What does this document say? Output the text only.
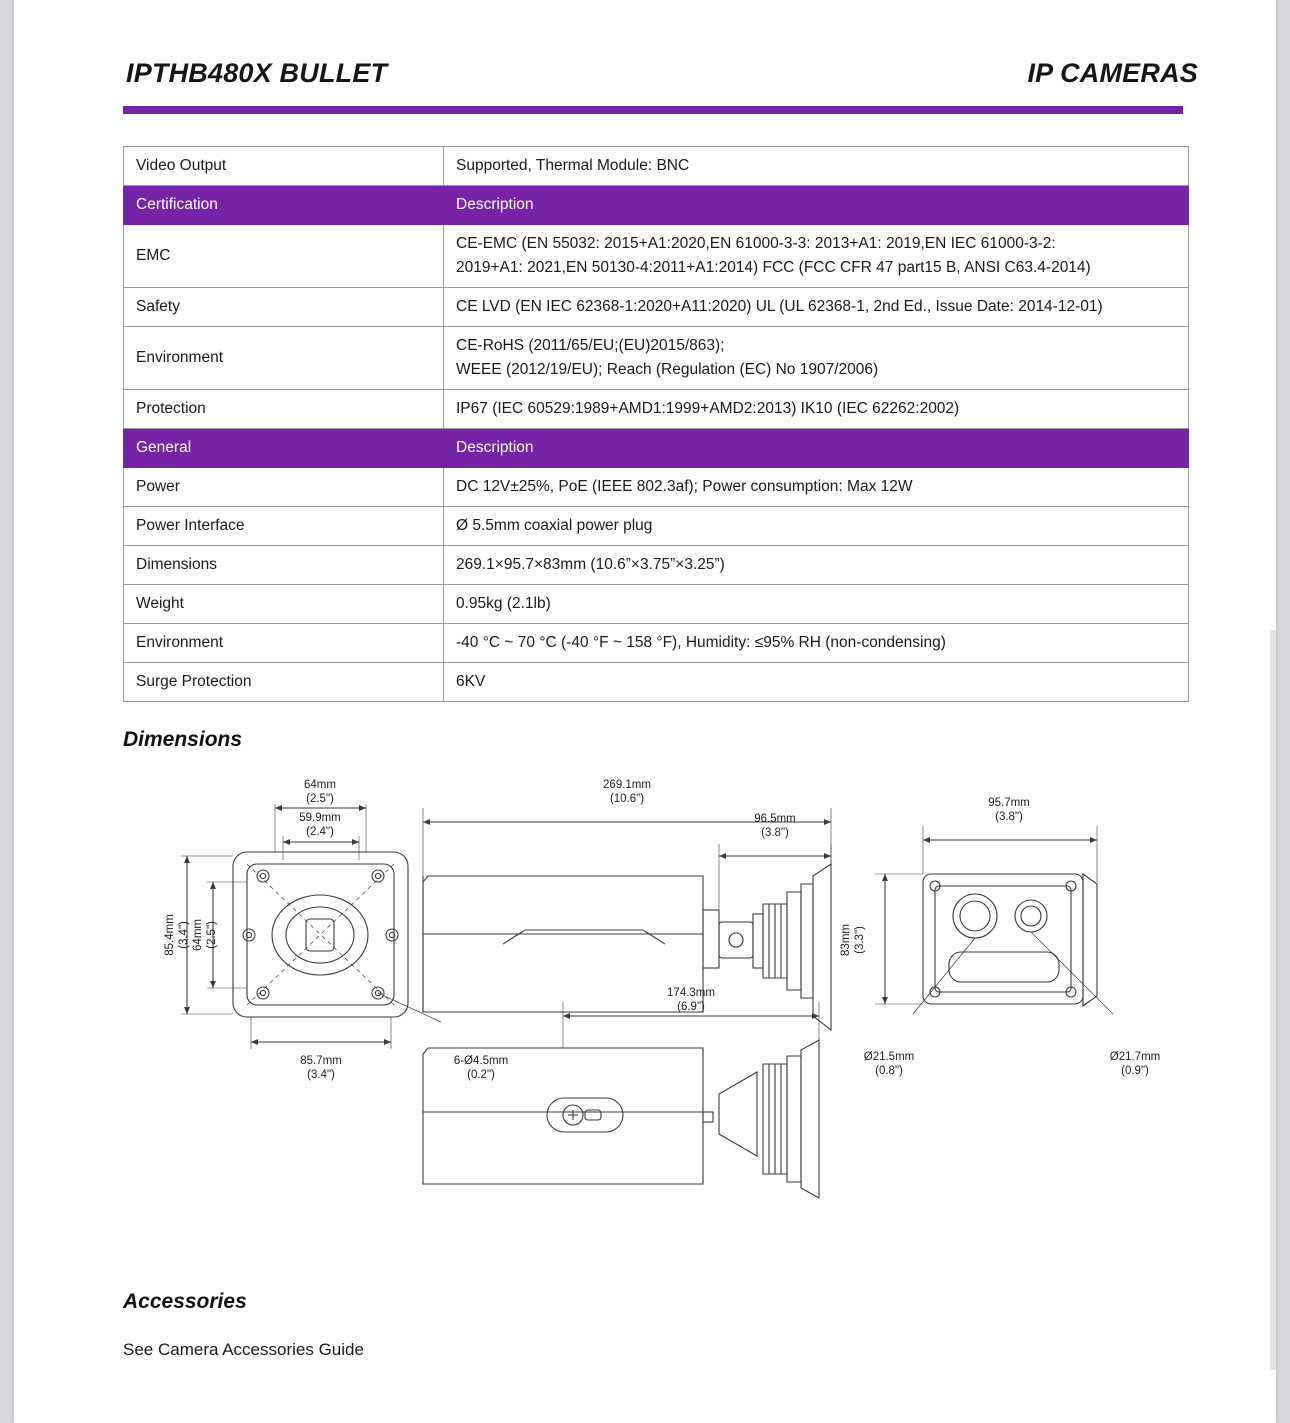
IPTHB480X BULLET	IP CAMERAS
Video Output	Supported, Thermal Module: BNC

Certification	Description
EMC	CE-EMC (EN 55032: 2015+A1:2020,EN 61000-3-3: 2013+A1: 2019,EN IEC 61000-3-2:
2019+A1: 2021,EN 50130-4:2011+A1:2014) FCC (FCC CFR 47 part15 B, ANSI C63.4-2014)

Safety	CE LVD (EN IEC 62368-1:2020+A11:2020) UL (UL 62368-1, 2nd Ed., Issue Date: 2014-12-01)

Environment	CE-RoHS (2011/65/EU;(EU)2015/863);
WEEE (2012/19/EU); Reach (Regulation (EC) No 1907/2006)

Protection	IP67 (IEC 60529:1989+AMD1:1999+AMD2:2013) IK10 (IEC 62262:2002)

General	Description
Power	DC 12V±25%, PoE (IEEE 802.3af); Power consumption: Max 12W

Power Interface	Ø 5.5mm coaxial power plug

Dimensions	269.1×95.7×83mm (10.6”×3.75”×3.25”)

Weight	0.95kg (2.1lb)

Environment	-40 °C ~ 70 °C (-40 °F ~ 158 °F), Humidity: ≤95% RH (non-condensing)

Surge Protection	6KV
Dimensions
64mm
(2.5")
59.9mm
(2.4")
85.7mm
(3.4")
6-Ø4.5mm
(0.2")
269.1mm
(10.6")
96.5mm
(3.8")
95.7mm
(3.8")
Ø21.5mm
(0.8")
Ø21.7mm
(0.9")
174.3mm
(6.9")
85.4mm (3.4") 64mm (2.5")	83mm (3.3")
Accessories
See Camera Accessories Guide
